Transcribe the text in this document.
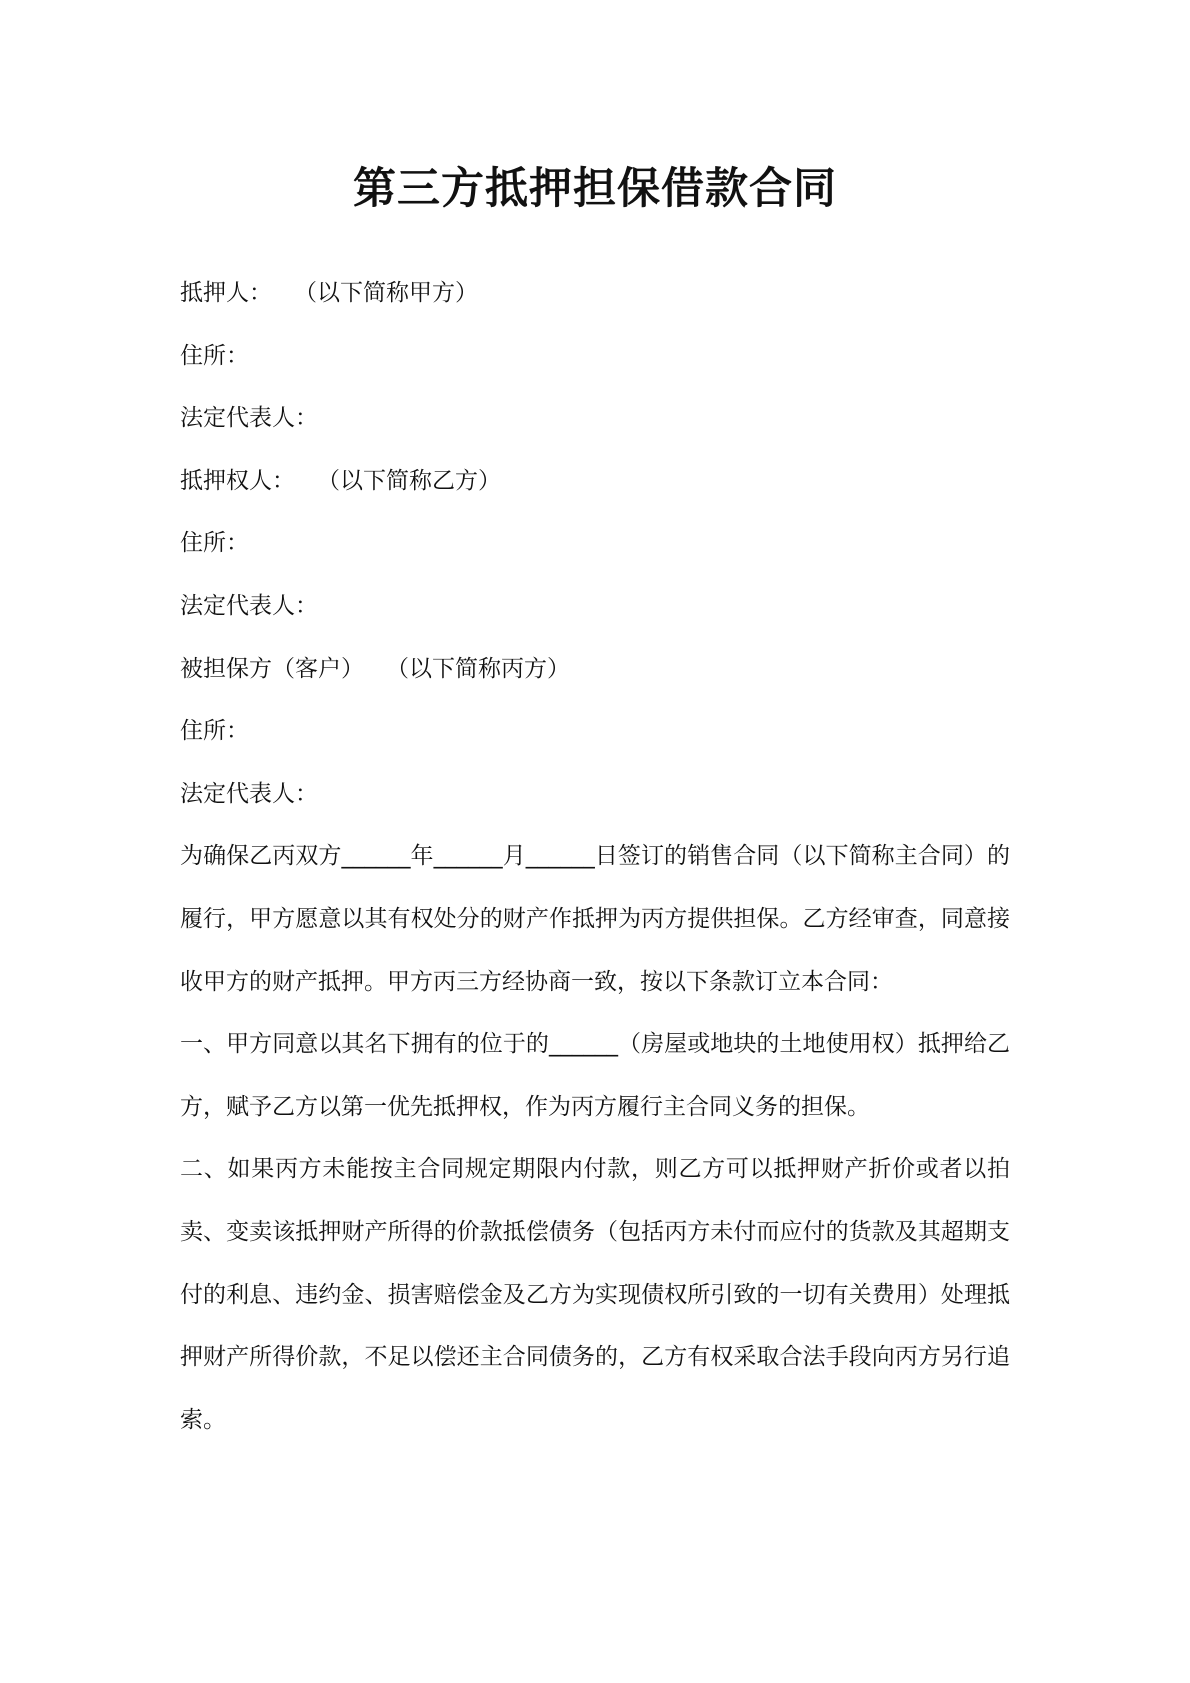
第三方抵押担保借款合同

抵押人： （以下简称甲方）

住所：

法定代表人：

抵押权人： （以下简称乙方）

住所：

法定代表人：

被担保方（客户） （以下简称丙方）

住所：

法定代表人：

为确保乙丙双方______年______月______日签订的销售合同（以下简称主合同）的履行，甲方愿意以其有权处分的财产作抵押为丙方提供担保。乙方经审查，同意接收甲方的财产抵押。甲方丙三方经协商一致，按以下条款订立本合同：

一、甲方同意以其名下拥有的位于的______（房屋或地块的土地使用权）抵押给乙方，赋予乙方以第一优先抵押权，作为丙方履行主合同义务的担保。

二、如果丙方未能按主合同规定期限内付款，则乙方可以抵押财产折价或者以拍卖、变卖该抵押财产所得的价款抵偿债务（包括丙方未付而应付的货款及其超期支付的利息、违约金、损害赔偿金及乙方为实现债权所引致的一切有关费用）处理抵押财产所得价款，不足以偿还主合同债务的，乙方有权采取合法手段向丙方另行追索。
